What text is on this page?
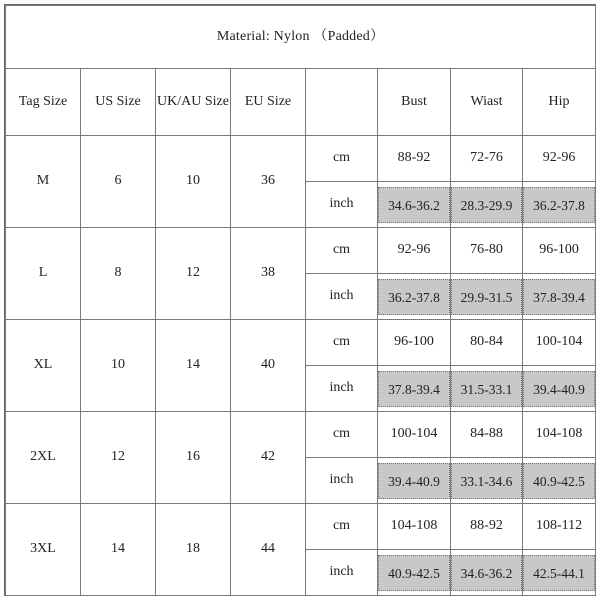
Material: Nylon （Padded）							
Tag Size	US Size	UK/AU Size	EU Size		Bust	Wiast	Hip
M	6	10	36	cm	88-92	72-76	92-96
				inch	34.6-36.2	28.3-29.9	36.2-37.8

L	8	12	38	cm	92-96	76-80	96-100
				inch	36.2-37.8	29.9-31.5	37.8-39.4

XL	10	14	40	cm	96-100	80-84	100-104
				inch	37.8-39.4	31.5-33.1	39.4-40.9

2XL	12	16	42	cm	100-104	84-88	104-108
				inch	39.4-40.9	33.1-34.6	40.9-42.5

3XL	14	18	44	cm	104-108	88-92	108-112
				inch	40.9-42.5	34.6-36.2	42.5-44.1
